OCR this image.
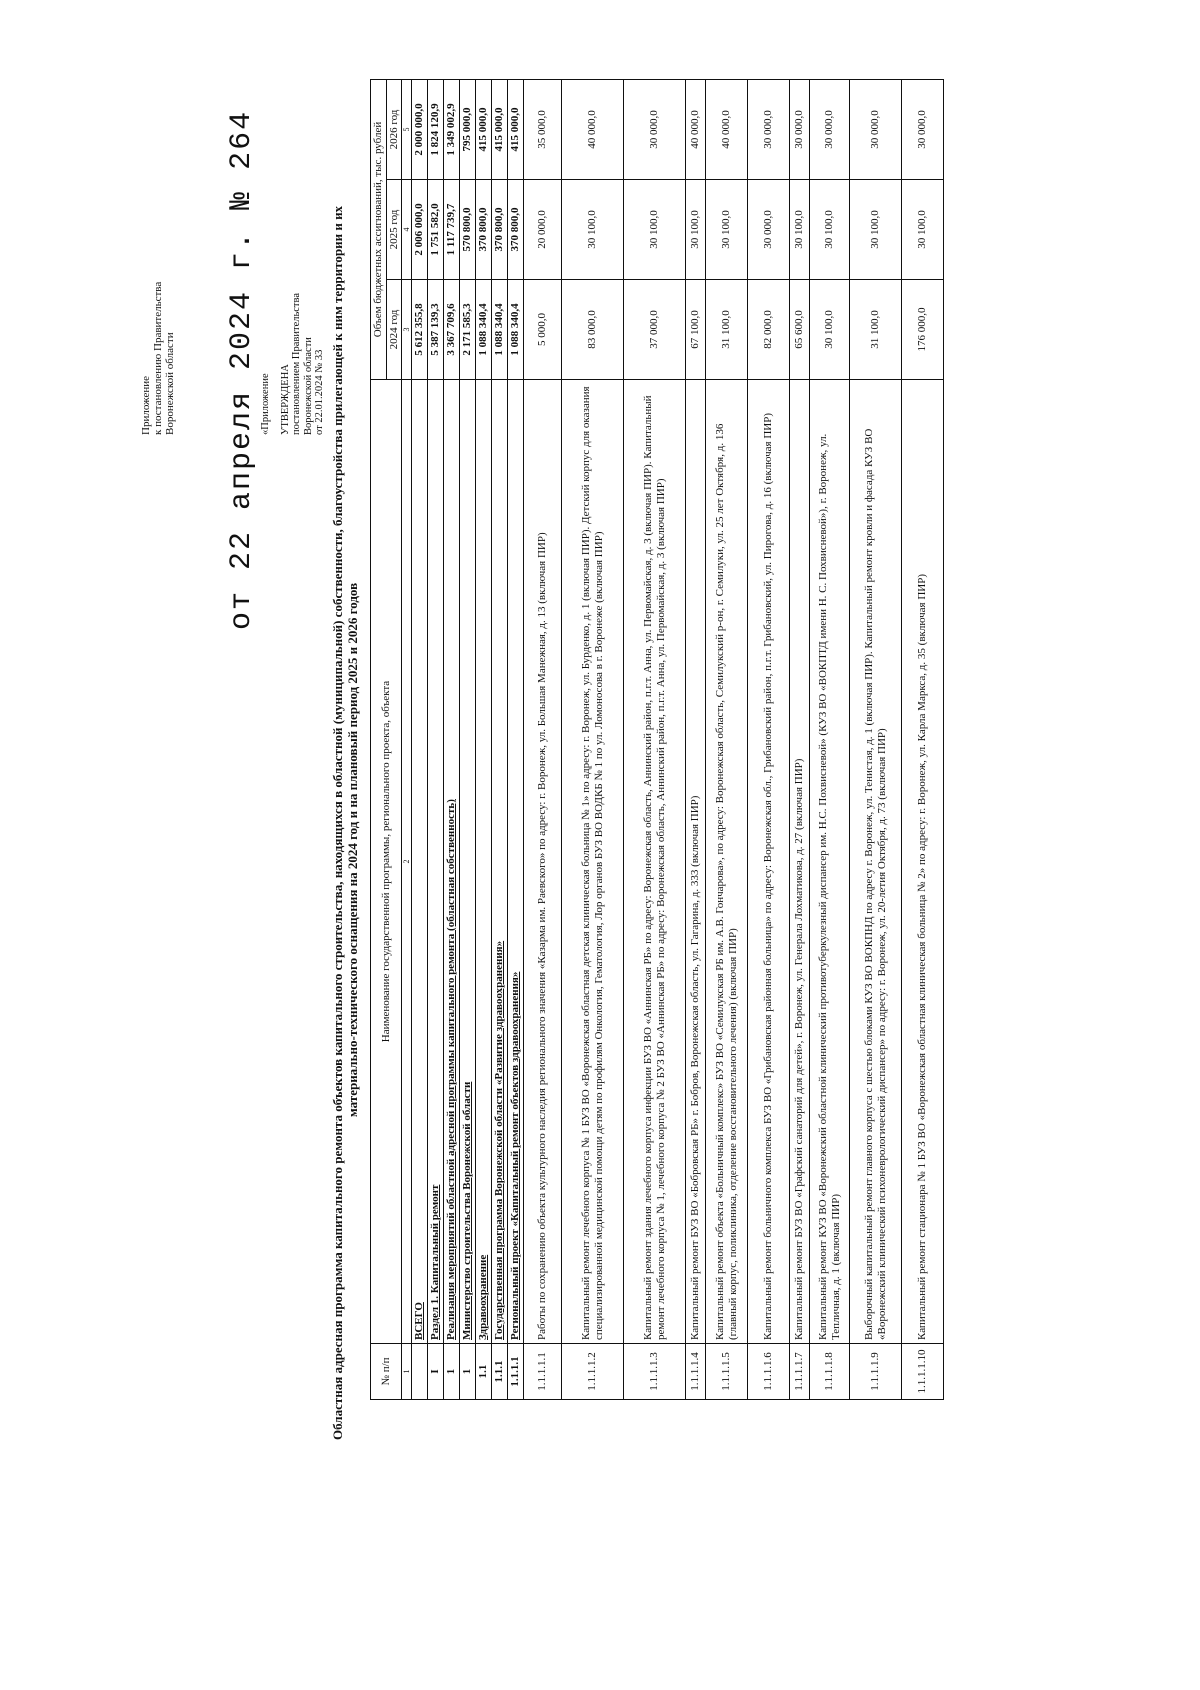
Приложение к постановлению Правительства Воронежской области от 22 апреля 2024 г. № 264 «Приложение УТВЕРЖДЕНА постановлением Правительства Воронежской области от 22.01.2024 № 33 Областная адресная программа капитального ремонта объектов капитального строительства, находящихся в областной (муниципальной) собственности, благоустройства прилегающей к ним территории и их материально-технического оснащения на 2024 год и на плановый период 2025 и 2026 годов
№ п/п	Наименование государственной программы, регионального проекта, объекта	Объем бюджетных ассигнований, тыс. рублей		
		2024 год	2025 год	2026 год
1	2	3	4	5
	ВСЕГО	5 612 355,8	2 006 000,0	2 000 000,0
I	Раздел 1. Капитальный ремонт	5 387 139,3	1 751 582,0	1 824 120,9
1	Реализация мероприятий областной адресной программы капитального ремонта (областная собственность)	3 367 709,6	1 117 739,7	1 349 002,9
1	Министерство строительства Воронежской области	2 171 585,3	570 800,0	795 000,0
1.1	Здравоохранение	1 088 340,4	370 800,0	415 000,0
1.1.1	Государственная программа Воронежской области «Развитие здравоохранения»	1 088 340,4	370 800,0	415 000,0
1.1.1.1	Региональный проект «Капитальный ремонт объектов здравоохранения»	1 088 340,4	370 800,0	415 000,0
1.1.1.1.1	Работы по сохранению объекта культурного наследия регионального значения «Казарма им. Раевского» по адресу: г. Воронеж, ул. Большая Манежная, д. 13 (включая ПИР)	5 000,0	20 000,0	35 000,0
1.1.1.1.2	Капитальный ремонт лечебного корпуса № 1 БУЗ ВО «Воронежская областная детская клиническая больница № 1» по адресу: г. Воронеж, ул. Бурденко, д. 1 (включая ПИР). Детский корпус для оказания специализированной медицинской помощи детям по профилям Онкология, Гематология, Лор органов БУЗ ВО ВОДКБ № 1 по ул. Ломоносова в г. Воронеже (включая ПИР)	83 000,0	30 100,0	40 000,0
1.1.1.1.3	Капитальный ремонт здания лечебного корпуса инфекции БУЗ ВО «Аннинская РБ» по адресу: Воронежская область, Аннинский район, п.г.т. Анна, ул. Первомайская, д. 3 (включая ПИР). Капитальный ремонт лечебного корпуса № 1, лечебного корпуса № 2 БУЗ ВО «Аннинская РБ» по адресу: Воронежская область, Аннинский район, п.г.т. Анна, ул. Первомайская, д. 3 (включая ПИР)	37 000,0	30 100,0	30 000,0
1.1.1.1.4	Капитальный ремонт БУЗ ВО «Бобровская РБ» г. Бобров, Воронежская область, ул. Гагарина, д. 333 (включая ПИР)	67 100,0	30 100,0	40 000,0
1.1.1.1.5	Капитальный ремонт объекта «Больничный комплекс» БУЗ ВО «Семилукская РБ им. А.В. Гончарова», по адресу: Воронежская область, Семилукский р-он, г. Семилуки, ул. 25 лет Октября, д. 136 (главный корпус, поликлиника, отделение восстановительного лечения) (включая ПИР)	31 100,0	30 100,0	40 000,0
1.1.1.1.6	Капитальный ремонт больничного комплекса БУЗ ВО «Грибановская районная больница» по адресу: Воронежская обл., Грибановский район, п.г.т. Грибановский, ул. Пирогова, д. 16 (включая ПИР)	82 000,0	30 000,0	30 000,0
1.1.1.1.7	Капитальный ремонт БУЗ ВО «Графский санаторий для детей», г. Воронеж, ул. Генерала Лохматикова, д. 27 (включая ПИР)	65 600,0	30 100,0	30 000,0
1.1.1.1.8	Капитальный ремонт КУЗ ВО «Воронежский областной клинический противотуберкулезный диспансер им. Н.С. Похвисневой» (КУЗ ВО «ВОКПТД имени Н. С. Похвисневой»), г. Воронеж, ул. Тепличная, д. 1 (включая ПИР)	30 100,0	30 100,0	30 000,0
1.1.1.1.9	Выборочный капитальный ремонт главного корпуса с шестью блоками КУЗ ВО ВОКПНД по адресу г. Воронеж, ул. Тенистая, д. 1 (включая ПИР). Капитальный ремонт кровли и фасада КУЗ ВО «Воронежский клинический психоневрологический диспансер» по адресу: г. Воронеж, ул. 20-летия Октября, д. 73 (включая ПИР)	31 100,0	30 100,0	30 000,0
1.1.1.1.10	Капитальный ремонт стационара № 1 БУЗ ВО «Воронежская областная клиническая больница № 2» по адресу: г. Воронеж, ул. Карла Маркса, д. 35 (включая ПИР)	176 000,0	30 100,0	30 000,0
